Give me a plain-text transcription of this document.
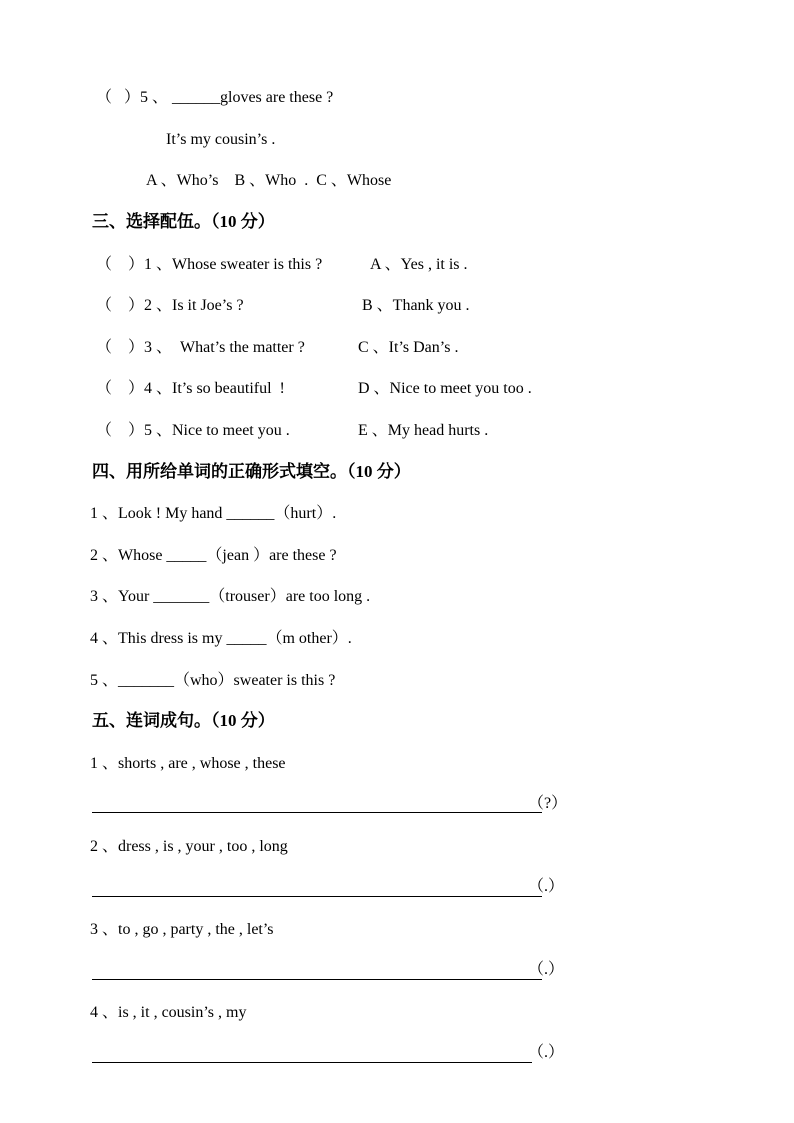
（   ）5 、 ______gloves are these ?
It’s my cousin’s .
A 、Who’s    B 、Who  .  C 、Whose
三、选择配伍。（10 分）
（    ）1 、Whose sweater is this ?	A 、Yes , it is .
（    ）2 、Is it Joe’s ?	B 、Thank you .
（    ）3 、  What’s the matter ?	C 、It’s Dan’s .
（    ）4 、It’s so beautiful  !	D 、Nice to meet you too .
（    ）5 、Nice to meet you .	E 、My head hurts .
四、用所给单词的正确形式填空。（10 分）
1 、Look ! My hand ______（hurt）.
2 、Whose _____（jean ）are these ?
3 、Your _______（trouser）are too long .
4 、This dress is my _____（m other）.
5 、_______（who）sweater is this ?
五、连词成句。（10 分）
1 、shorts , are , whose , these
（?）
2 、dress , is , your , too , long
（.）
3 、to , go , party , the , let’s
（.）
4 、is , it , cousin’s , my
（.）
